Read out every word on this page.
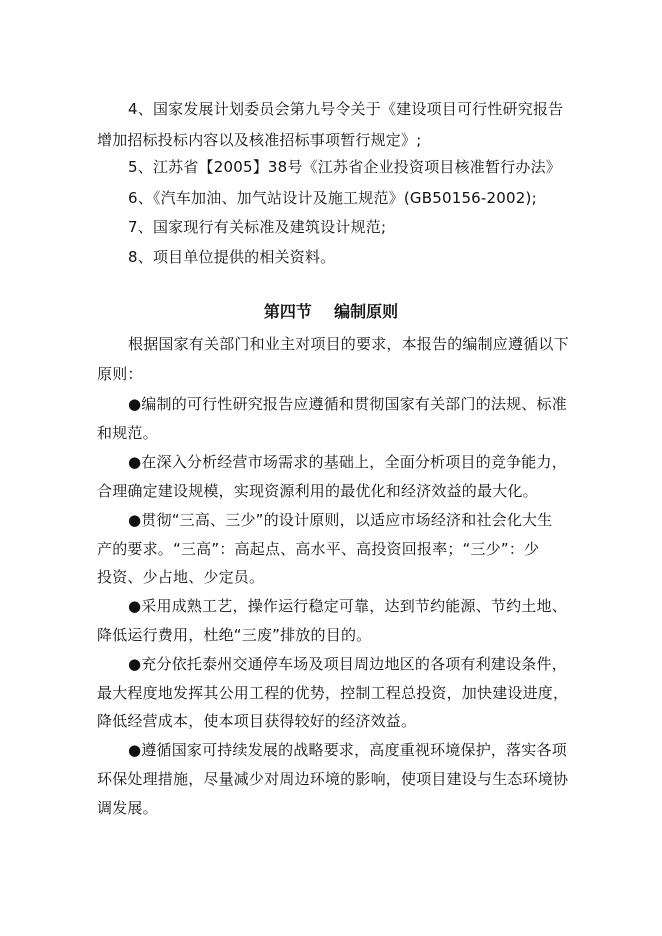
4、国家发展计划委员会第九号令关于《建设项目可行性研究报告
增加招标投标内容以及核准招标事项暂行规定》;
5、江苏省【2005】38号《江苏省企业投资项目核准暂行办法》
6、《汽车加油、加气站设计及施工规范》(GB50156-2002);
7、国家现行有关标准及建筑设计规范;
8、项目单位提供的相关资料。
第四节    编制原则
根据国家有关部门和业主对项目的要求，本报告的编制应遵循以下
原则：
●编制的可行性研究报告应遵循和贯彻国家有关部门的法规、标准
和规范。
●在深入分析经营市场需求的基础上，全面分析项目的竞争能力，
合理确定建设规模，实现资源利用的最优化和经济效益的最大化。
●贯彻“三高、三少”的设计原则，以适应市场经济和社会化大生
产的要求。“三高”：高起点、高水平、高投资回报率；“三少”：少
投资、少占地、少定员。
●采用成熟工艺，操作运行稳定可靠，达到节约能源、节约土地、
降低运行费用，杜绝“三废”排放的目的。
●充分依托泰州交通停车场及项目周边地区的各项有利建设条件，
最大程度地发挥其公用工程的优势，控制工程总投资，加快建设进度，
降低经营成本，使本项目获得较好的经济效益。
●遵循国家可持续发展的战略要求，高度重视环境保护，落实各项
环保处理措施，尽量减少对周边环境的影响，使项目建设与生态环境协
调发展。
